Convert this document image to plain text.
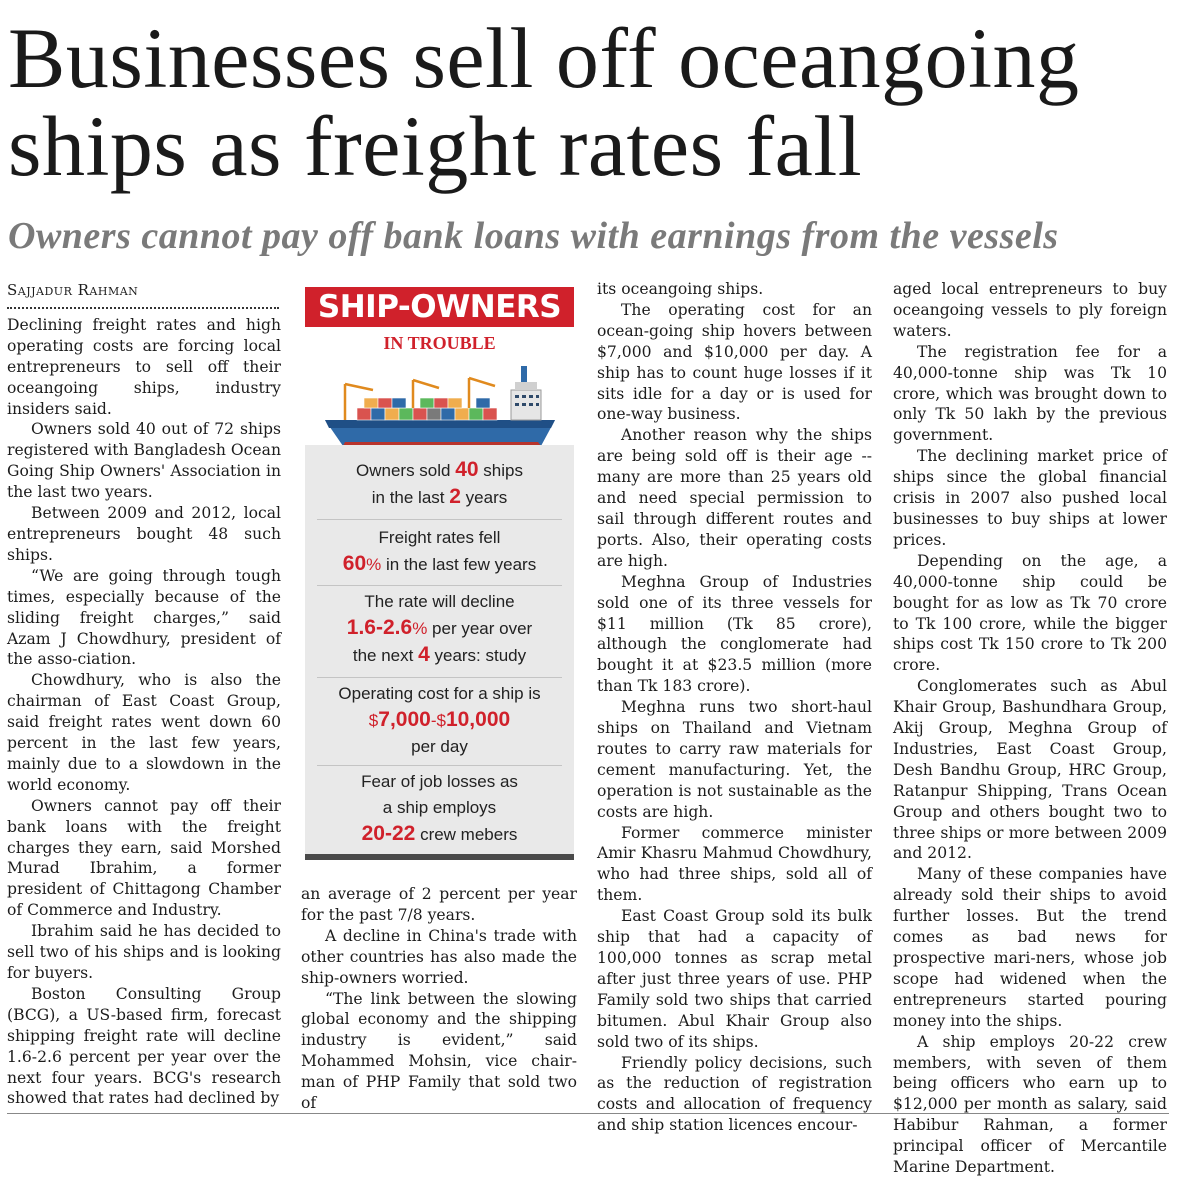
Businesses sell off oceangoing
ships as freight rates fall
Owners cannot pay off bank loans with earnings from the vessels
Sajjadur Rahman

Declining freight rates and high operating costs are forcing local entrepreneurs to sell off their oceangoing ships, industry insiders said.

Owners sold 40 out of 72 ships registered with Bangladesh Ocean Going Ship Owners' Association in the last two years.

Between 2009 and 2012, local entrepreneurs bought 48 such ships.

“We are going through tough times, especially because of the sliding freight charges,” said Azam J Chowdhury, president of the asso-ciation.

Chowdhury, who is also the chairman of East Coast Group, said freight rates went down 60 percent in the last few years, mainly due to a slowdown in the world economy.

Owners cannot pay off their bank loans with the freight charges they earn, said Morshed Murad Ibrahim, a former president of Chittagong Chamber of Commerce and Industry.

Ibrahim said he has decided to sell two of his ships and is looking for buyers.

Boston Consulting Group (BCG), a US-based firm, forecast shipping freight rate will decline 1.6-2.6 percent per year over the next four years. BCG's research showed that rates had declined by

SHIP-OWNERS
IN TROUBLE
Owners sold 40 ships
in the last 2 years
Freight rates fell
60% in the last few years
The rate will decline
1.6-2.6% per year over
the next 4 years: study
Operating cost for a ship is
$7,000-$10,000
per day
Fear of job losses as
a ship employs
20-22 crew mebers

an average of 2 percent per year for the past 7/8 years.

A decline in China's trade with other countries has also made the ship-owners worried.

“The link between the slowing global economy and the shipping industry is evident,” said Mohammed Mohsin, vice chair-man of PHP Family that sold two of

its oceangoing ships.

The operating cost for an ocean-going ship hovers between $7,000 and $10,000 per day. A ship has to count huge losses if it sits idle for a day or is used for one-way business.

Another reason why the ships are being sold off is their age -- many are more than 25 years old and need special permission to sail through different routes and ports. Also, their operating costs are high.

Meghna Group of Industries sold one of its three vessels for $11 million (Tk 85 crore), although the conglomerate had bought it at $23.5 million (more than Tk 183 crore).

Meghna runs two short-haul ships on Thailand and Vietnam routes to carry raw materials for cement manufacturing. Yet, the operation is not sustainable as the costs are high.

Former commerce minister Amir Khasru Mahmud Chowdhury, who had three ships, sold all of them.

East Coast Group sold its bulk ship that had a capacity of 100,000 tonnes as scrap metal after just three years of use. PHP Family sold two ships that carried bitumen. Abul Khair Group also sold two of its ships.

Friendly policy decisions, such as the reduction of registration costs and allocation of frequency and ship station licences encour-

aged local entrepreneurs to buy oceangoing vessels to ply foreign waters.

The registration fee for a 40,000-tonne ship was Tk 10 crore, which was brought down to only Tk 50 lakh by the previous government.

The declining market price of ships since the global financial crisis in 2007 also pushed local businesses to buy ships at lower prices.

Depending on the age, a 40,000-tonne ship could be bought for as low as Tk 70 crore to Tk 100 crore, while the bigger ships cost Tk 150 crore to Tk 200 crore.

Conglomerates such as Abul Khair Group, Bashundhara Group, Akij Group, Meghna Group of Industries, East Coast Group, Desh Bandhu Group, HRC Group, Ratanpur Shipping, Trans Ocean Group and others bought two to three ships or more between 2009 and 2012.

Many of these companies have already sold their ships to avoid further losses. But the trend comes as bad news for prospective mari-ners, whose job scope had widened when the entrepreneurs started pouring money into the ships.

A ship employs 20-22 crew members, with seven of them being officers who earn up to $12,000 per month as salary, said Habibur Rahman, a former principal officer of Mercantile Marine Department.
